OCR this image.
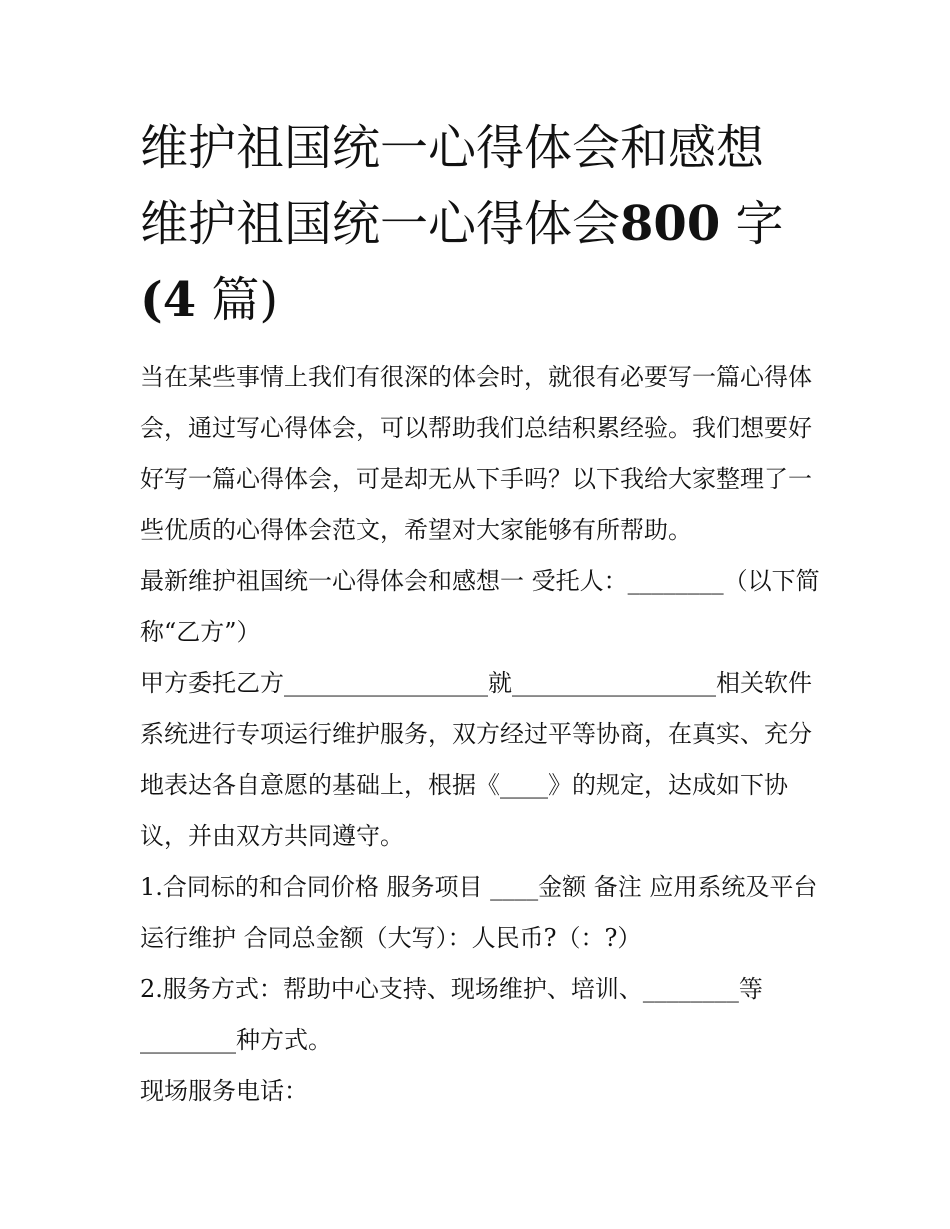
维护祖国统一心得体会和感想
维护祖国统一心得体会800 字
(4 篇)

当在某些事情上我们有很深的体会时，就很有必要写一篇心得体会，通过写心得体会，可以帮助我们总结积累经验。我们想要好好写一篇心得体会，可是却无从下手吗？以下我给大家整理了一些优质的心得体会范文，希望对大家能够有所帮助。

最新维护祖国统一心得体会和感想一 受托人：________（以下简称“乙方”）

甲方委托乙方_________________就_________________相关软件系统进行专项运行维护服务，双方经过平等协商，在真实、充分地表达各自意愿的基础上，根据《____》的规定，达成如下协议，并由双方共同遵守。

1.合同标的和合同价格 服务项目 ____金额 备注 应用系统及平台运行维护 合同总金额（大写）：人民币?（：?）

2.服务方式：帮助中心支持、现场维护、培训、________等________种方式。

现场服务电话：
